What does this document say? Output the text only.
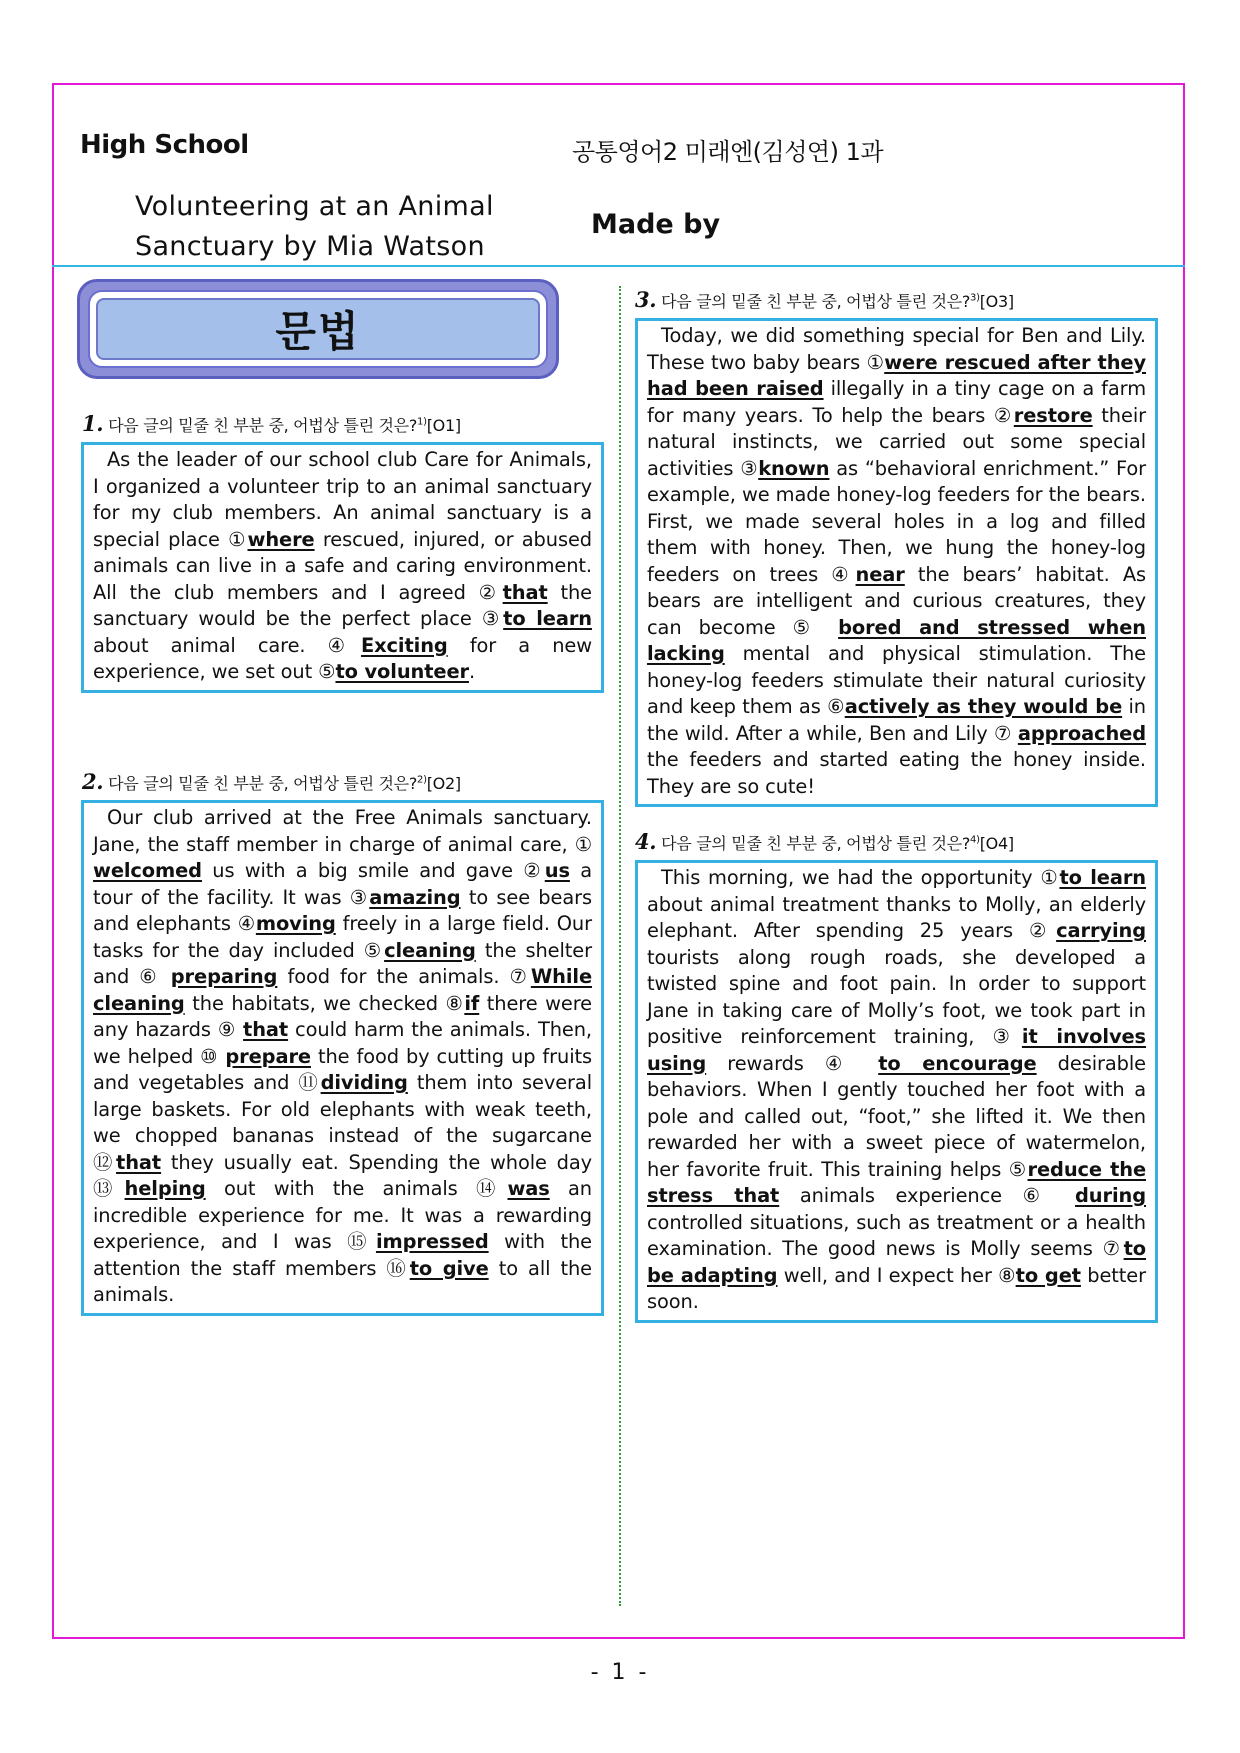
High School	공통영어2 미래엔(김성연) 1과
Volunteering at an Animal
Sanctuary by Mia Watson
Made by
문법
1. 다음 글의 밑줄 친 부분 중, 어법상 틀린 것은?$^{1)}$[O1]

As the leader of our school club Care for Animals, I organized a volunteer trip to an animal sanctuary for my club members. An animal sanctuary is a special place ①where rescued, injured, or abused animals can live in a safe and caring environment. All the club members and I agreed ②that the sanctuary would be the perfect place ③to learn about animal care. ④Exciting for a new experience, we set out ⑤to volunteer.

2. 다음 글의 밑줄 친 부분 중, 어법상 틀린 것은?$^{2)}$[O2]

Our club arrived at the Free Animals sanctuary. Jane, the staff member in charge of animal care, ① welcomed us with a big smile and gave ②us a tour of the facility. It was ③amazing to see bears and elephants ④moving freely in a large field. Our tasks for the day included ⑤cleaning the shelter and ⑥ preparing food for the animals. ⑦While cleaning the habitats, we checked ⑧if there were any hazards ⑨ that could harm the animals. Then, we helped ⑩ prepare the food by cutting up fruits and vegetables and ⑪dividing them into several large baskets. For old elephants with weak teeth, we chopped bananas instead of the sugarcane ⑫that they usually eat. Spending the whole day ⑬helping out with the animals ⑭was an incredible experience for me. It was a rewarding experience, and I was ⑮impressed with the attention the staff members ⑯to give to all the animals.

3. 다음 글의 밑줄 친 부분 중, 어법상 틀린 것은?$^{3)}$[O3]

Today, we did something special for Ben and Lily. These two baby bears ①were rescued after they had been raised illegally in a tiny cage on a farm for many years. To help the bears ②restore their natural instincts, we carried out some special activities ③known as “behavioral enrichment.” For example, we made honey-log feeders for the bears. First, we made several holes in a log and filled them with honey. Then, we hung the honey-log feeders on trees ④near the bears’ habitat. As bears are intelligent and curious creatures, they can become ⑤ bored and stressed when lacking mental and physical stimulation. The honey-log feeders stimulate their natural curiosity and keep them as ⑥actively as they would be in the wild. After a while, Ben and Lily ⑦ approached the feeders and started eating the honey inside. They are so cute!

4. 다음 글의 밑줄 친 부분 중, 어법상 틀린 것은?$^{4)}$[O4]

This morning, we had the opportunity ①to learn about animal treatment thanks to Molly, an elderly elephant. After spending 25 years ②carrying tourists along rough roads, she developed a twisted spine and foot pain. In order to support Jane in taking care of Molly’s foot, we took part in positive reinforcement training, ③it involves using rewards ④ to encourage desirable behaviors. When I gently touched her foot with a pole and called out, “foot,” she lifted it. We then rewarded her with a sweet piece of watermelon, her favorite fruit. This training helps ⑤reduce the stress that animals experience ⑥ during controlled situations, such as treatment or a health examination. The good news is Molly seems ⑦to be adapting well, and I expect her ⑧to get better soon.

- 1 -
